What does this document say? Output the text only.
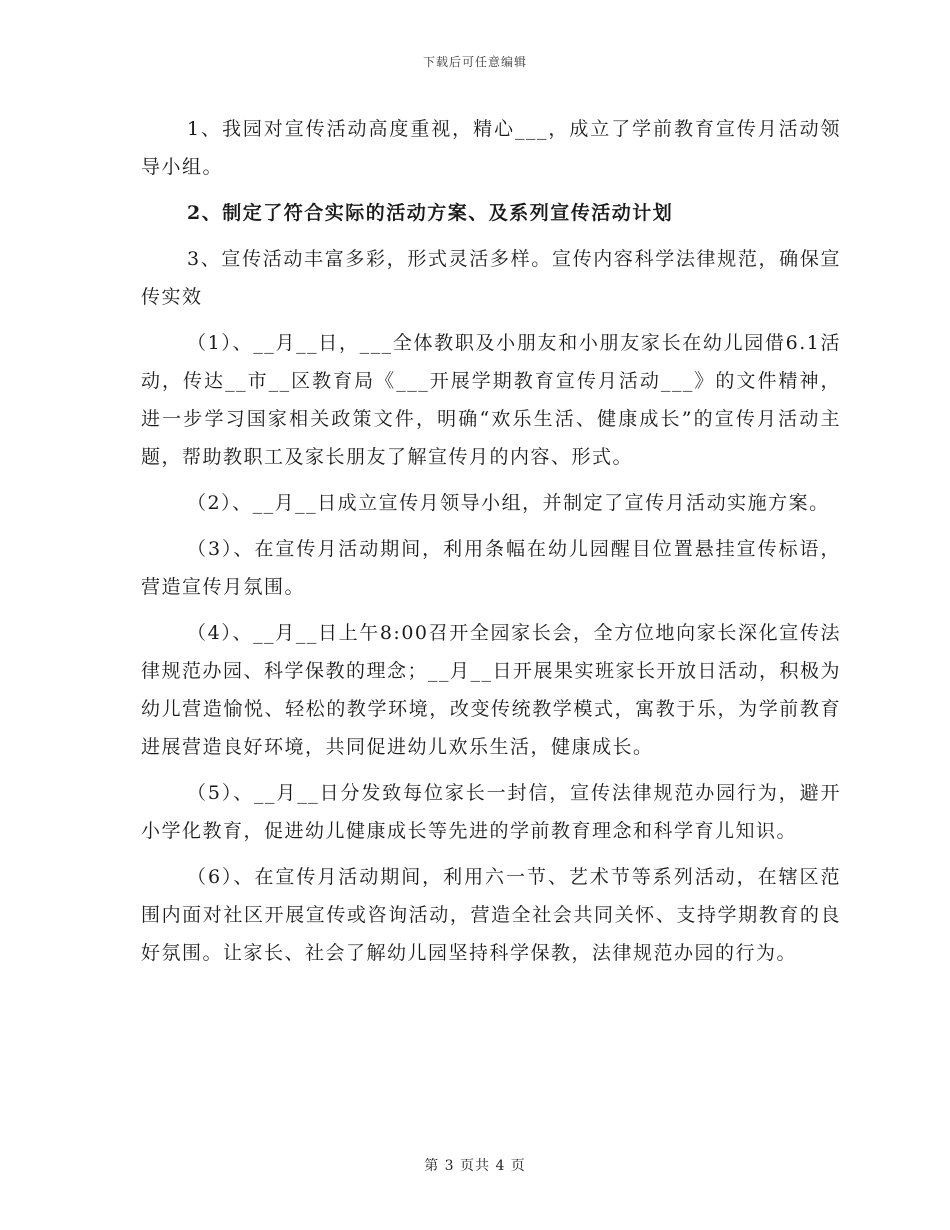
下载后可任意编辑

1、我园对宣传活动高度重视，精心___，成立了学前教育宣传月活动领导小组。

2、制定了符合实际的活动方案、及系列宣传活动计划

3、宣传活动丰富多彩，形式灵活多样。宣传内容科学法律规范，确保宣传实效

（1）、__月__日，___全体教职及小朋友和小朋友家长在幼儿园借6.1活动，传达__市__区教育局《___开展学期教育宣传月活动___》的文件精神，进一步学习国家相关政策文件，明确“欢乐生活、健康成长”的宣传月活动主题，帮助教职工及家长朋友了解宣传月的内容、形式。

（2）、__月__日成立宣传月领导小组，并制定了宣传月活动实施方案。

（3）、在宣传月活动期间，利用条幅在幼儿园醒目位置悬挂宣传标语，营造宣传月氛围。

（4）、__月__日上午8:00召开全园家长会，全方位地向家长深化宣传法律规范办园、科学保教的理念；__月__日开展果实班家长开放日活动，积极为幼儿营造愉悦、轻松的教学环境，改变传统教学模式，寓教于乐，为学前教育进展营造良好环境，共同促进幼儿欢乐生活，健康成长。

（5）、__月__日分发致每位家长一封信，宣传法律规范办园行为，避开小学化教育，促进幼儿健康成长等先进的学前教育理念和科学育儿知识。

（6）、在宣传月活动期间，利用六一节、艺术节等系列活动，在辖区范围内面对社区开展宣传或咨询活动，营造全社会共同关怀、支持学期教育的良好氛围。让家长、社会了解幼儿园坚持科学保教，法律规范办园的行为。

第 3 页共 4 页
